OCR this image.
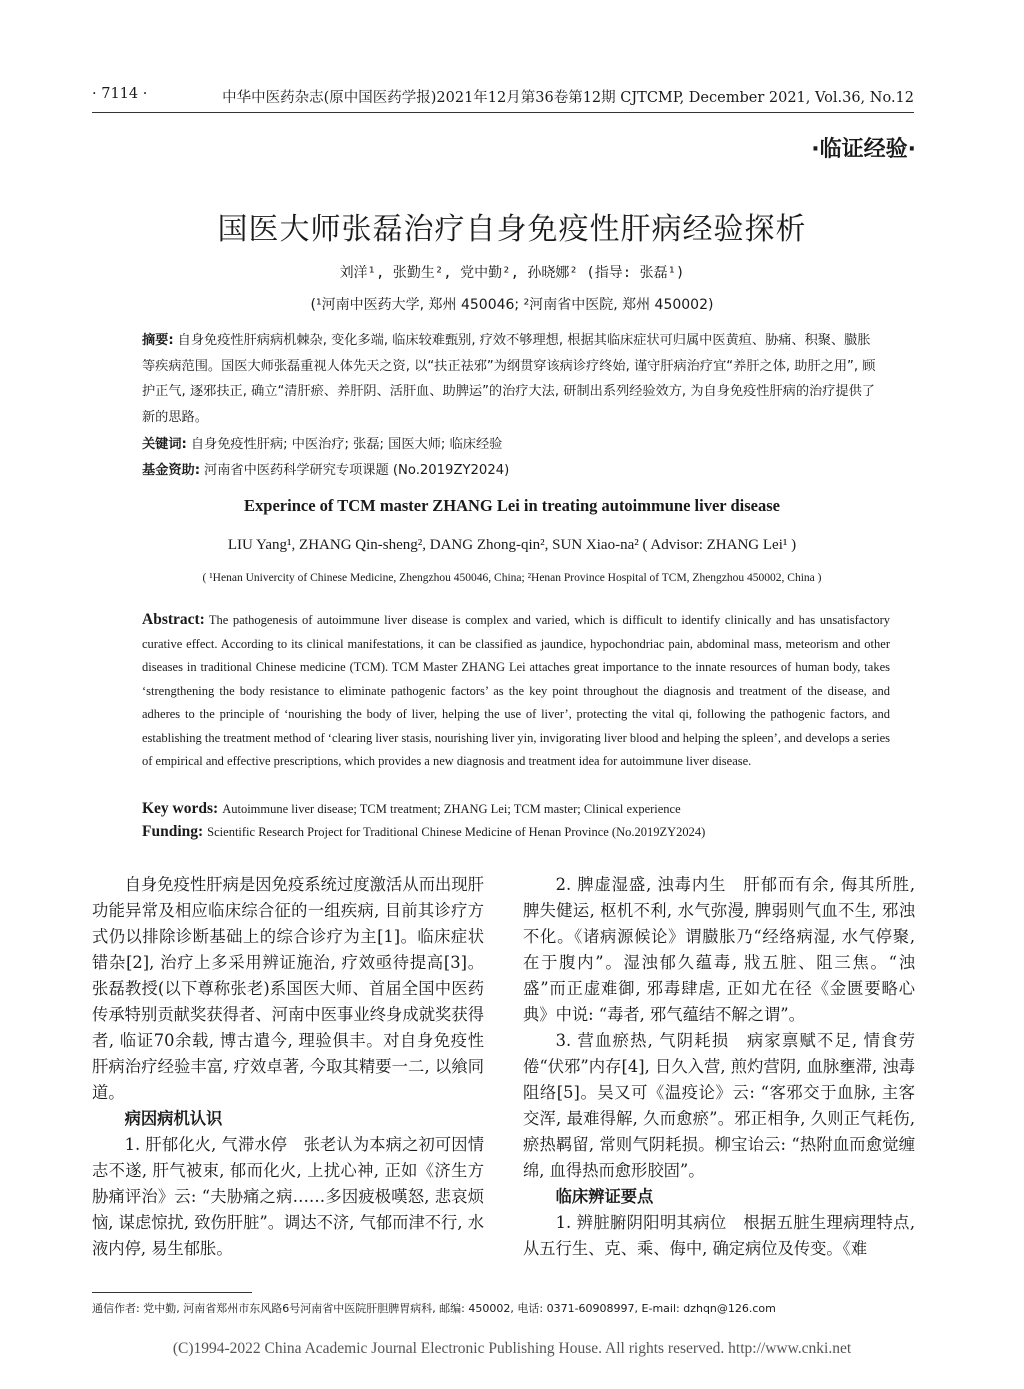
· 7114 ·	中华中医药杂志(原中国医药学报)2021年12月第36卷第12期 CJTCMP, December 2021, Vol.36, No.12
·临证经验·
国医大师张磊治疗自身免疫性肝病经验探析
刘洋¹, 张勤生², 党中勤², 孙晓娜² (指导: 张磊¹)
(¹河南中医药大学, 郑州 450046; ²河南省中医院, 郑州 450002)
摘要: 自身免疫性肝病病机棘杂, 变化多端, 临床较难甄别, 疗效不够理想, 根据其临床症状可归属中医黄疸、胁痛、积聚、臌胀等疾病范围。国医大师张磊重视人体先天之资, 以“扶正祛邪”为纲贯穿该病诊疗终始, 谨守肝病治疗宜“养肝之体, 助肝之用”, 顾护正气, 逐邪扶正, 确立“清肝瘀、养肝阴、活肝血、助脾运”的治疗大法, 研制出系列经验效方, 为自身免疫性肝病的治疗提供了新的思路。
关键词: 自身免疫性肝病; 中医治疗; 张磊; 国医大师; 临床经验
基金资助: 河南省中医药科学研究专项课题 (No.2019ZY2024)
Experince of TCM master ZHANG Lei in treating autoimmune liver disease
LIU Yang¹, ZHANG Qin-sheng², DANG Zhong-qin², SUN Xiao-na² ( Advisor: ZHANG Lei¹ )
( ¹Henan Univercity of Chinese Medicine, Zhengzhou 450046, China; ²Henan Province Hospital of TCM, Zhengzhou 450002, China )
Abstract: The pathogenesis of autoimmune liver disease is complex and varied, which is difficult to identify clinically and has unsatisfactory curative effect. According to its clinical manifestations, it can be classified as jaundice, hypochondriac pain, abdominal mass, meteorism and other diseases in traditional Chinese medicine (TCM). TCM Master ZHANG Lei attaches great importance to the innate resources of human body, takes ‘strengthening the body resistance to eliminate pathogenic factors’ as the key point throughout the diagnosis and treatment of the disease, and adheres to the principle of ‘nourishing the body of liver, helping the use of liver’, protecting the vital qi, following the pathogenic factors, and establishing the treatment method of ‘clearing liver stasis, nourishing liver yin, invigorating liver blood and helping the spleen’, and develops a series of empirical and effective prescriptions, which provides a new diagnosis and treatment idea for autoimmune liver disease.
Key words: Autoimmune liver disease; TCM treatment; ZHANG Lei; TCM master; Clinical experience
Funding: Scientific Research Project for Traditional Chinese Medicine of Henan Province (No.2019ZY2024)

自身免疫性肝病是因免疫系统过度激活从而出现肝功能异常及相应临床综合征的一组疾病, 目前其诊疗方式仍以排除诊断基础上的综合诊疗为主[1]。临床症状错杂[2], 治疗上多采用辨证施治, 疗效亟待提高[3]。张磊教授(以下尊称张老)系国医大师、首届全国中医药传承特别贡献奖获得者、河南中医事业终身成就奖获得者, 临证70余载, 博古遣今, 理验俱丰。对自身免疫性肝病治疗经验丰富, 疗效卓著, 今取其精要一二, 以飨同道。

病因病机认识

1. 肝郁化火, 气滞水停　张老认为本病之初可因情志不遂, 肝气被束, 郁而化火, 上扰心神, 正如《济生方胁痛评治》云: “夫胁痛之病……多因疲极嘆怒, 悲哀烦恼, 谋虑惊扰, 致伤肝脏”。调达不济, 气郁而津不行, 水液内停, 易生郁胀。

2. 脾虚湿盛, 浊毒内生　肝郁而有余, 侮其所胜, 脾失健运, 枢机不利, 水气弥漫, 脾弱则气血不生, 邪浊不化。《诸病源候论》谓臌胀乃“经络病湿, 水气停聚, 在于腹内”。湿浊郁久蕴毒, 戕五脏、阻三焦。“浊盛”而正虚难御, 邪毒肆虐, 正如尤在径《金匮要略心典》中说: “毒者, 邪气蕴结不解之谓”。

3. 营血瘀热, 气阴耗损　病家禀赋不足, 情食劳倦“伏邪”内存[4], 日久入营, 煎灼营阴, 血脉壅滞, 浊毒阻络[5]。吴又可《温疫论》云: “客邪交于血脉, 主客交浑, 最难得解, 久而愈瘀”。邪正相争, 久则正气耗伤, 瘀热羁留, 常则气阴耗损。柳宝诒云: “热附血而愈觉缠绵, 血得热而愈形胶固”。

临床辨证要点

1. 辨脏腑阴阳明其病位　根据五脏生理病理特点, 从五行生、克、乘、侮中, 确定病位及传变。《难

通信作者: 党中勤, 河南省郑州市东风路6号河南省中医院肝胆脾胃病科, 邮编: 450002, 电话: 0371-60908997, E-mail: dzhqn@126.com
(C)1994-2022 China Academic Journal Electronic Publishing House. All rights reserved. http://www.cnki.net
